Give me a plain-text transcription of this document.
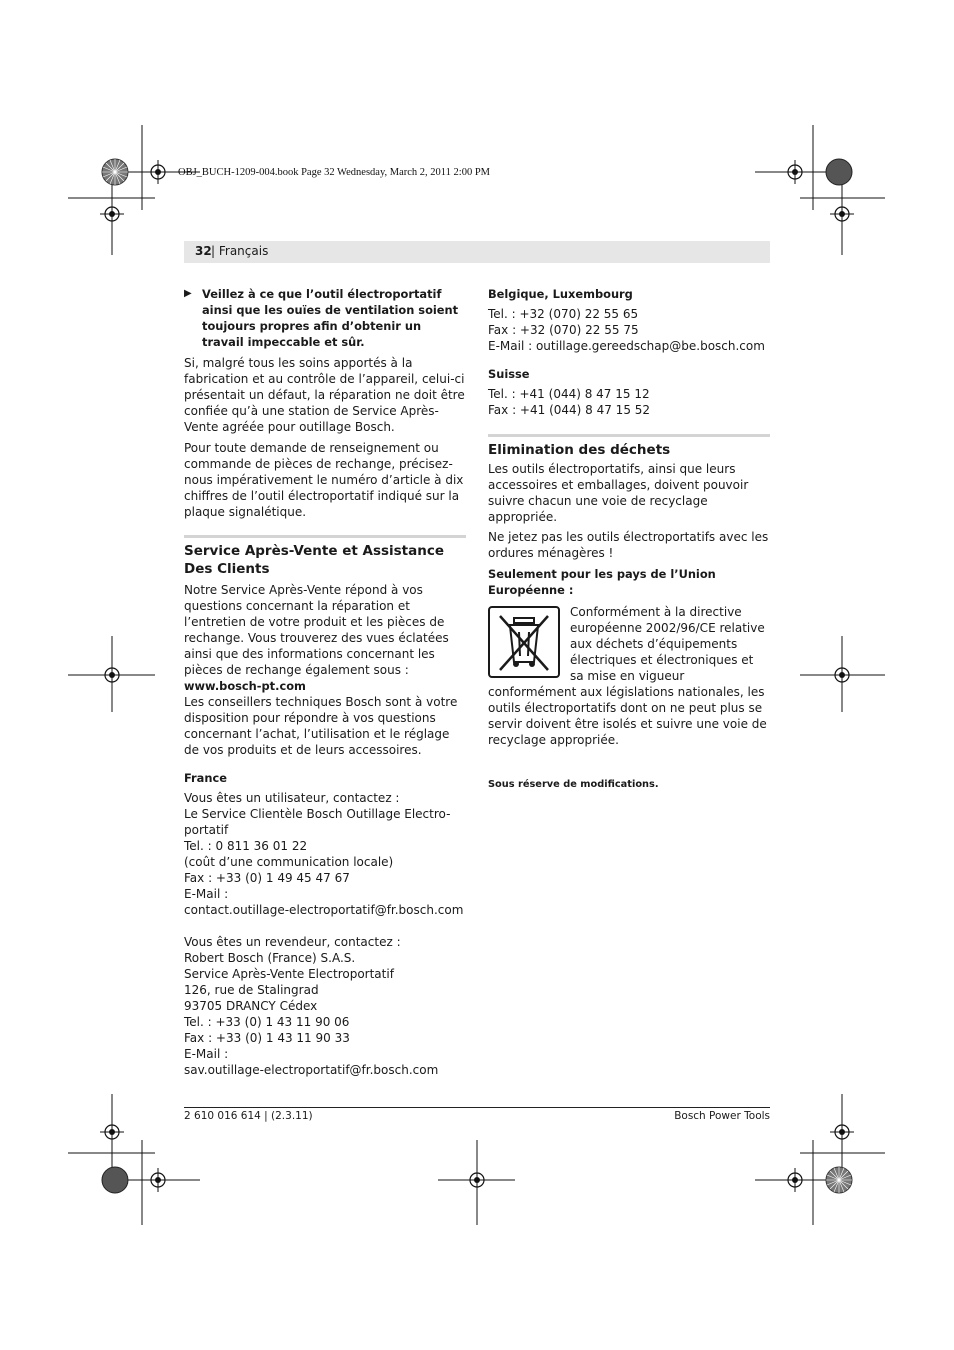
OBJ_BUCH-1209-004.book Page 32 Wednesday, March 2, 2011 2:00 PM
32 | Français
▶ Veillez à ce que l’outil électroportatif ainsi que les ouïes de ventilation soient toujours propres afin d’obtenir un travail impeccable et sûr.

Si, malgré tous les soins apportés à la fabrication et au contrôle de l’appareil, celui-ci présentait un défaut, la réparation ne doit être confiée qu’à une station de Service Après-Vente agréée pour outillage Bosch.

Pour toute demande de renseignement ou commande de pièces de rechange, précisez-nous impérativement le numéro d’article à dix chiffres de l’outil électroportatif indiqué sur la plaque signalétique.

Service Après-Vente et Assistance Des Clients

Notre Service Après-Vente répond à vos questions concernant la réparation et l’entretien de votre produit et les pièces de rechange. Vous trouverez des vues éclatées ainsi que des informations concernant les pièces de rechange également sous :

www.bosch-pt.com

Les conseillers techniques Bosch sont à votre disposition pour répondre à vos questions concernant l’achat, l’utilisation et le réglage de vos produits et de leurs accessoires.

France

Vous êtes un utilisateur, contactez :

Le Service Clientèle Bosch Outillage Electro-

portatif

Tel. : 0 811 36 01 22

(coût d’une communication locale)

Fax : +33 (0) 1 49 45 47 67

E-Mail :

contact.outillage-electroportatif@fr.bosch.com

Vous êtes un revendeur, contactez :

Robert Bosch (France) S.A.S.

Service Après-Vente Electroportatif

126, rue de Stalingrad

93705 DRANCY Cédex

Tel. : +33 (0) 1 43 11 90 06

Fax : +33 (0) 1 43 11 90 33

E-Mail :

sav.outillage-electroportatif@fr.bosch.com

Belgique, Luxembourg

Tel. : +32 (070) 22 55 65

Fax : +32 (070) 22 55 75

E-Mail : outillage.gereedschap@be.bosch.com

Suisse

Tel. : +41 (044) 8 47 15 12

Fax : +41 (044) 8 47 15 52

Elimination des déchets

Les outils électroportatifs, ainsi que leurs accessoires et emballages, doivent pouvoir suivre chacun une voie de recyclage appropriée.

Ne jetez pas les outils électroportatifs avec les ordures ménagères !

Seulement pour les pays de l’Union Européenne :

Conformément à la directive européenne 2002/96/CE relative aux déchets d’équipements électriques et électroniques et sa mise en vigueur conformément aux législations nationales, les outils électroportatifs dont on ne peut plus se servir doivent être isolés et suivre une voie de recyclage appropriée.

Sous réserve de modifications.
2 610 016 614 | (2.3.11)	Bosch Power Tools
